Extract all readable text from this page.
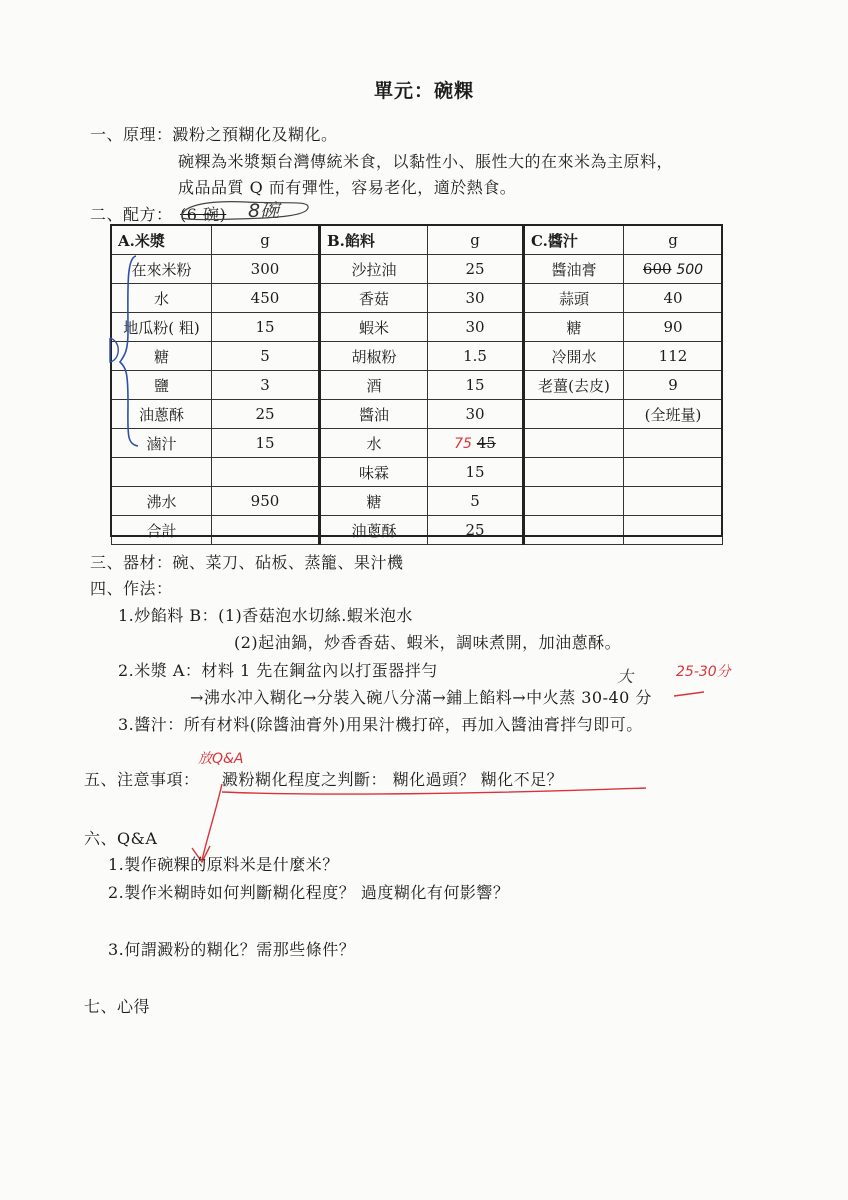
單元：碗粿
一、原理：澱粉之預糊化及糊化。
碗粿為米漿類台灣傳統米食，以黏性小、脹性大的在來米為主原料，
成品品質 Q 而有彈性，容易老化，適於熱食。
二、配方： (6 碗) 8碗
A.米漿	g	B.餡料	g	C.醬汁	g
在來米粉	300	沙拉油	25	醬油膏	600 500
水	450	香菇	30	蒜頭	40
地瓜粉( 粗)	15	蝦米	30	糖	90
糖	5	胡椒粉	1.5	冷開水	112
鹽	3	酒	15	老薑(去皮)	9
油蔥酥	25	醬油	30		(全班量)
滷汁	15	水	75 45		
		味霖	15		
沸水	950	糖	5		
合計		油蔥酥	25		
三、器材：碗、菜刀、砧板、蒸籠、果汁機
四、作法：
1.炒餡料 B：(1)香菇泡水切絲.蝦米泡水
(2)起油鍋，炒香香菇、蝦米，調味煮開，加油蔥酥。
2.米漿 A：材料 1 先在鋼盆內以打蛋器拌勻
→沸水冲入糊化→分裝入碗八分滿→鋪上餡料→中火蒸 30-40 分
大	25-30分
3.醬汁：所有材料(除醬油膏外)用果汁機打碎，再加入醬油膏拌勻即可。
五、注意事項： 澱粉糊化程度之判斷： 糊化過頭？ 糊化不足？
放Q&A
六、Q&A
1.製作碗粿的原料米是什麼米？
2.製作米糊時如何判斷糊化程度？ 過度糊化有何影響？
3.何謂澱粉的糊化？需那些條件？
七、心得
